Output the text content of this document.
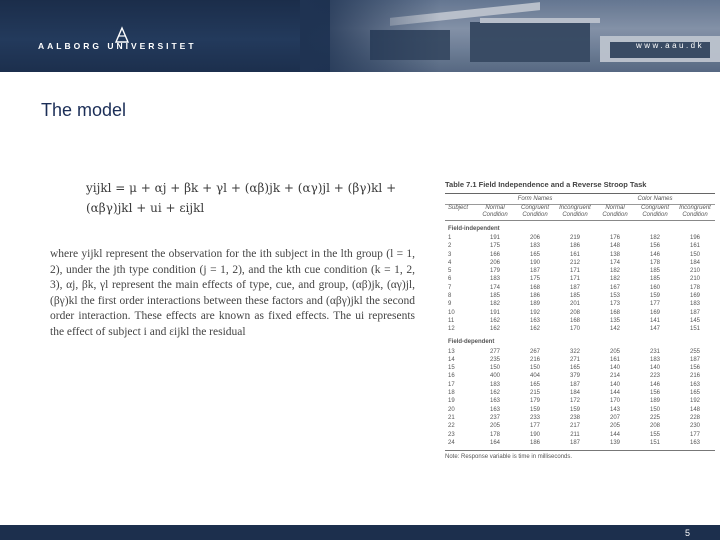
AALBORG UNIVERSITET	www.aau.dk
The model
yijkl = μ + αj + βk + γl + (αβ)jk + (αγ)jl + (βγ)kl +
(αβγ)jkl + ui + εijkl
where yijkl represent the observation for the ith subject in the lth group (l = 1, 2), under the jth type condition (j = 1, 2), and the kth cue condition (k = 1, 2, 3), αj, βk, γl represent the main effects of type, cue, and group, (αβ)jk, (αγ)jl, (βγ)kl the first order interactions between these factors and (αβγ)jkl the second order interaction. These effects are known as fixed effects. The ui represents the effect of subject i and εijkl the residual
Table 7.1 Field Independence and a Reverse Stroop Task
	Form Names			Color Names		
Subject	Normal Condition	Congruent Condition	Incongruent Condition	Normal Condition	Congruent Condition	Incongruent Condition
Field-independent						
1	191	206	219	176	182	196
2	175	183	186	148	156	161
3	166	165	161	138	146	150
4	206	190	212	174	178	184
5	179	187	171	182	185	210
6	183	175	171	182	185	210
7	174	168	187	167	160	178
8	185	186	185	153	159	169
9	182	189	201	173	177	183
10	191	192	208	168	169	187
11	162	163	168	135	141	145
12	162	162	170	142	147	151
Field-dependent						
13	277	267	322	205	231	255
14	235	216	271	161	183	187
15	150	150	165	140	140	156
16	400	404	379	214	223	216
17	183	165	187	140	146	163
18	162	215	184	144	156	165
19	163	179	172	170	189	192
20	163	159	159	143	150	148
21	237	233	238	207	225	228
22	205	177	217	205	208	230
23	178	190	211	144	155	177
24	164	186	187	139	151	163
Note: Response variable is time in milliseconds.
5
